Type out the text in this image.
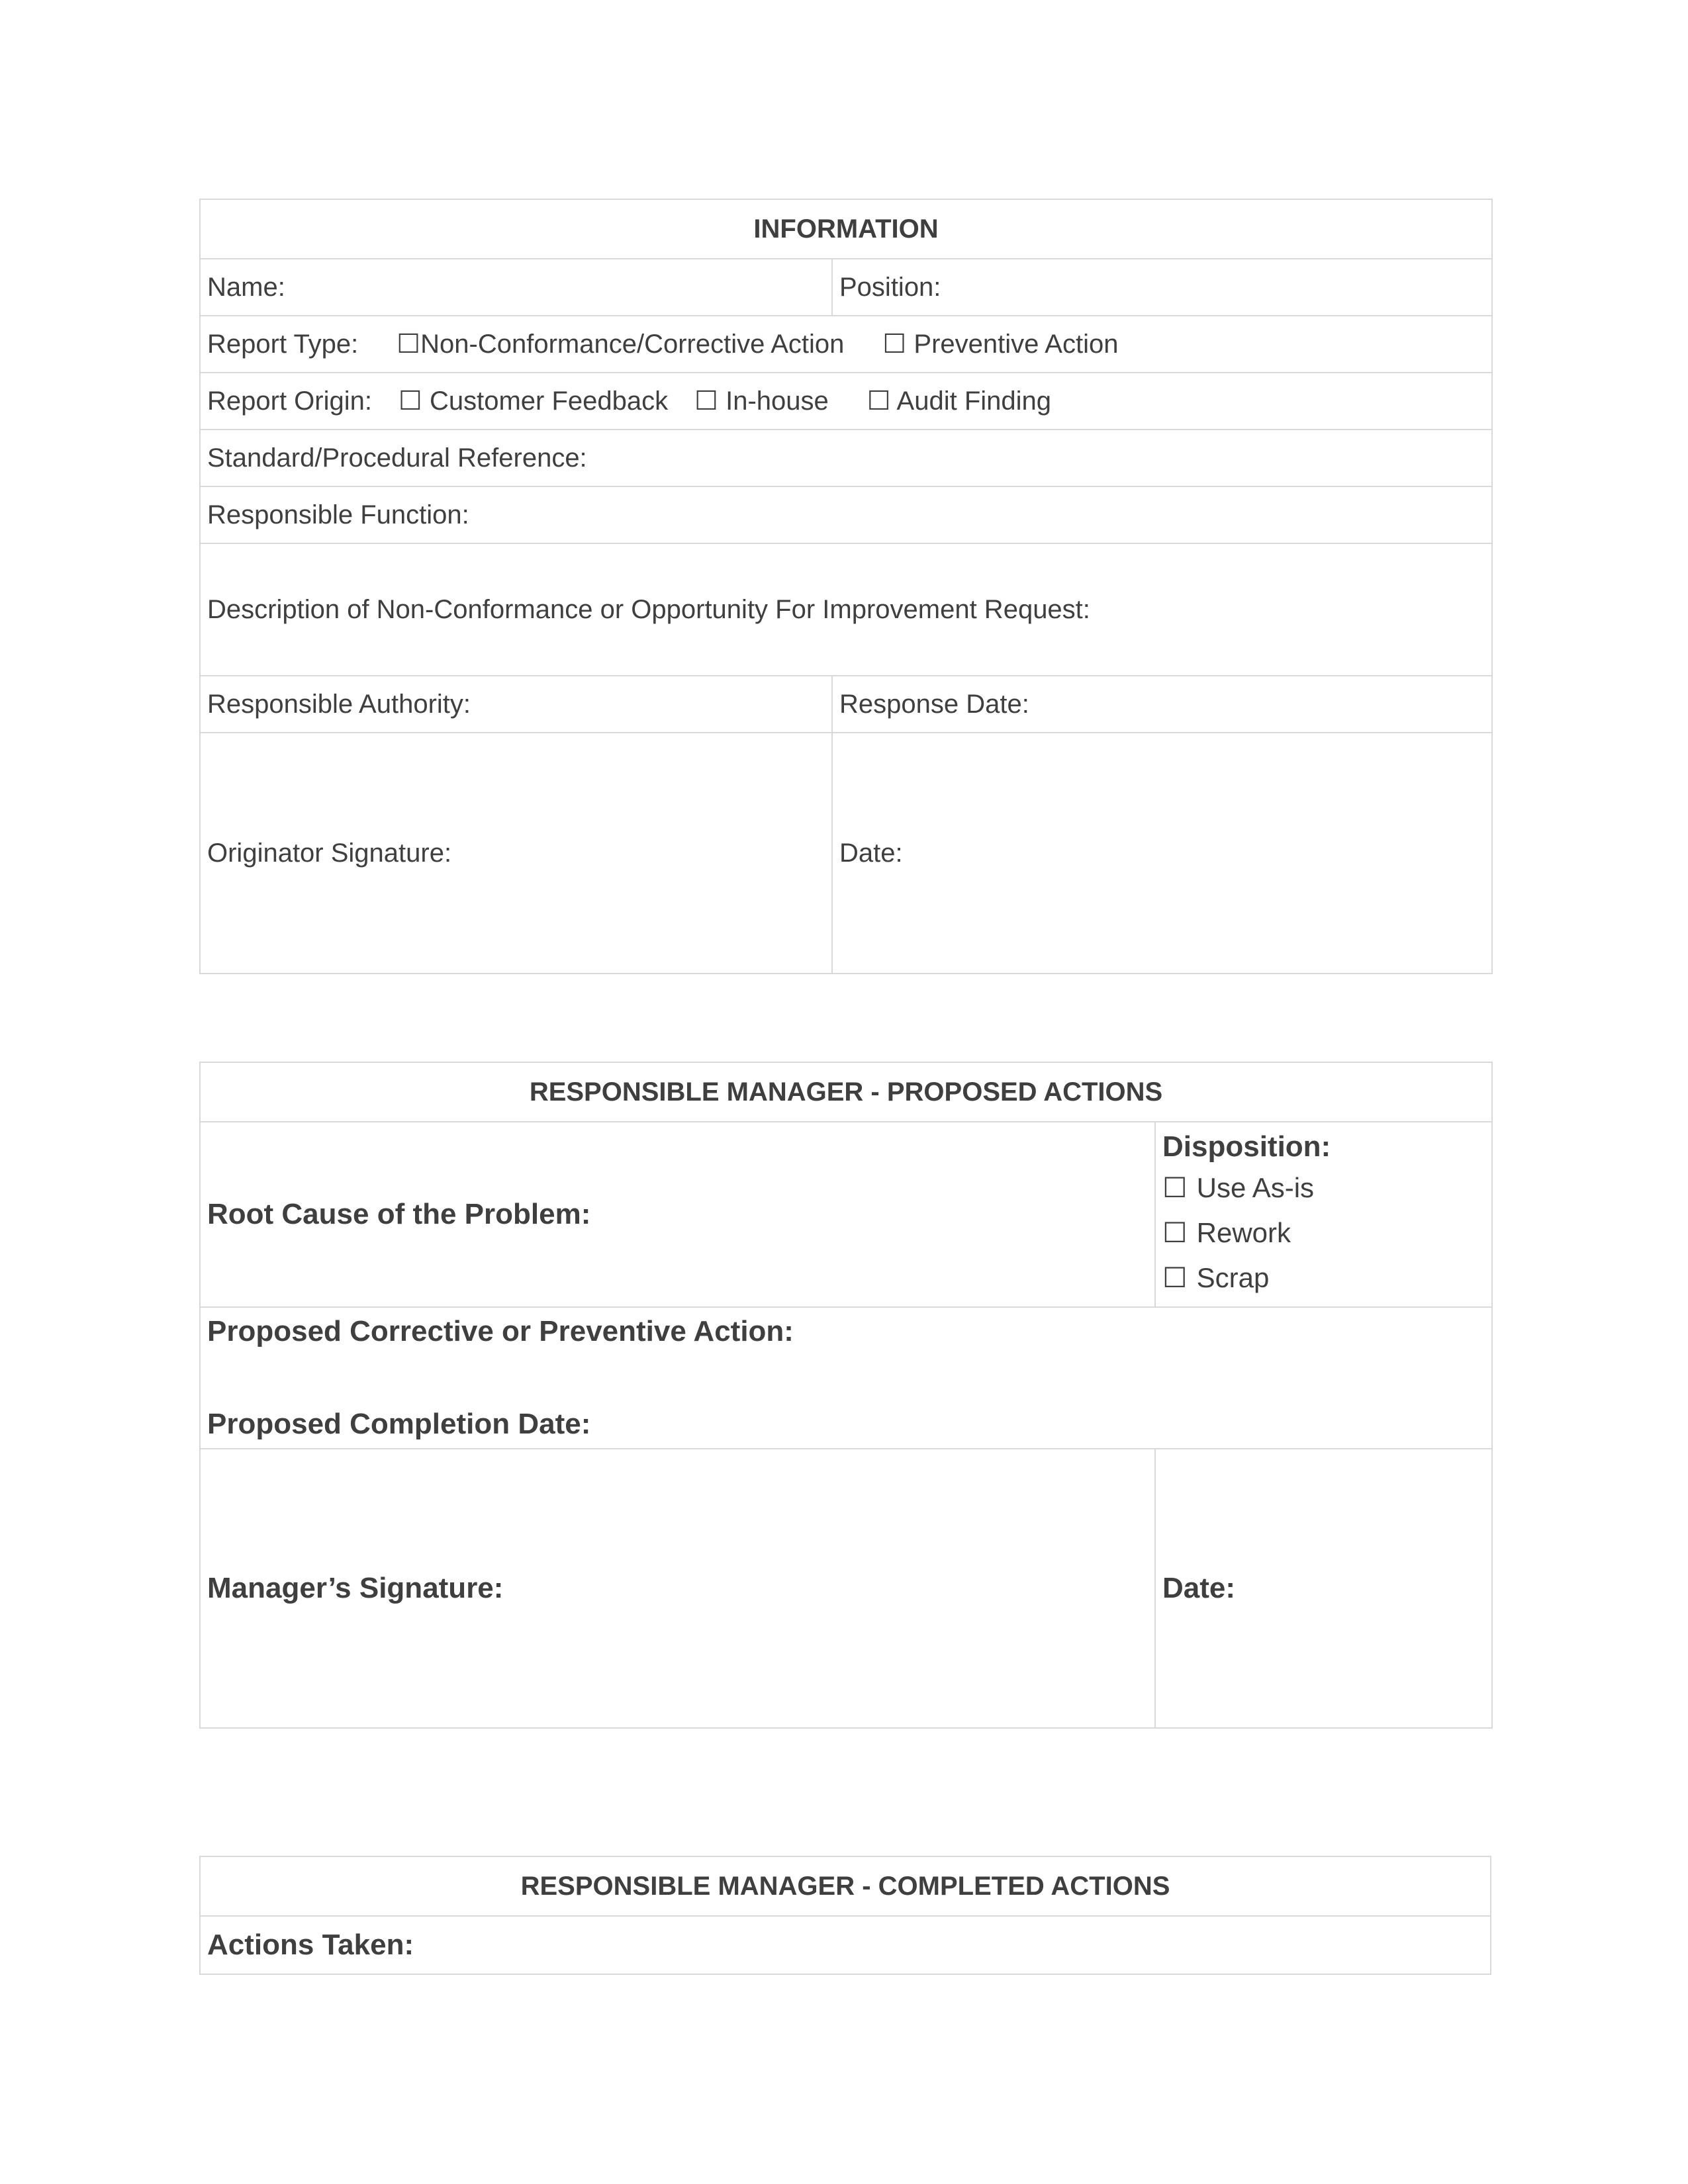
INFORMATION	
Name:	Position:
Report Type: ☐Non-Conformance/Corrective Action ☐ Preventive Action	
Report Origin: ☐ Customer Feedback ☐ In-house ☐ Audit Finding	
Standard/Procedural Reference:	
Responsible Function:	
Description of Non-Conformance or Opportunity For Improvement Request:	
Responsible Authority:	Response Date:
Originator Signature:	Date:
RESPONSIBLE MANAGER - PROPOSED ACTIONS	
Root Cause of the Problem:	Disposition:
☐ Use As-is
☐ Rework
☐ Scrap

Proposed Corrective or Preventive Action:
Proposed Completion Date:	

Manager’s Signature:	Date:
RESPONSIBLE MANAGER - COMPLETED ACTIONS
Actions Taken:
